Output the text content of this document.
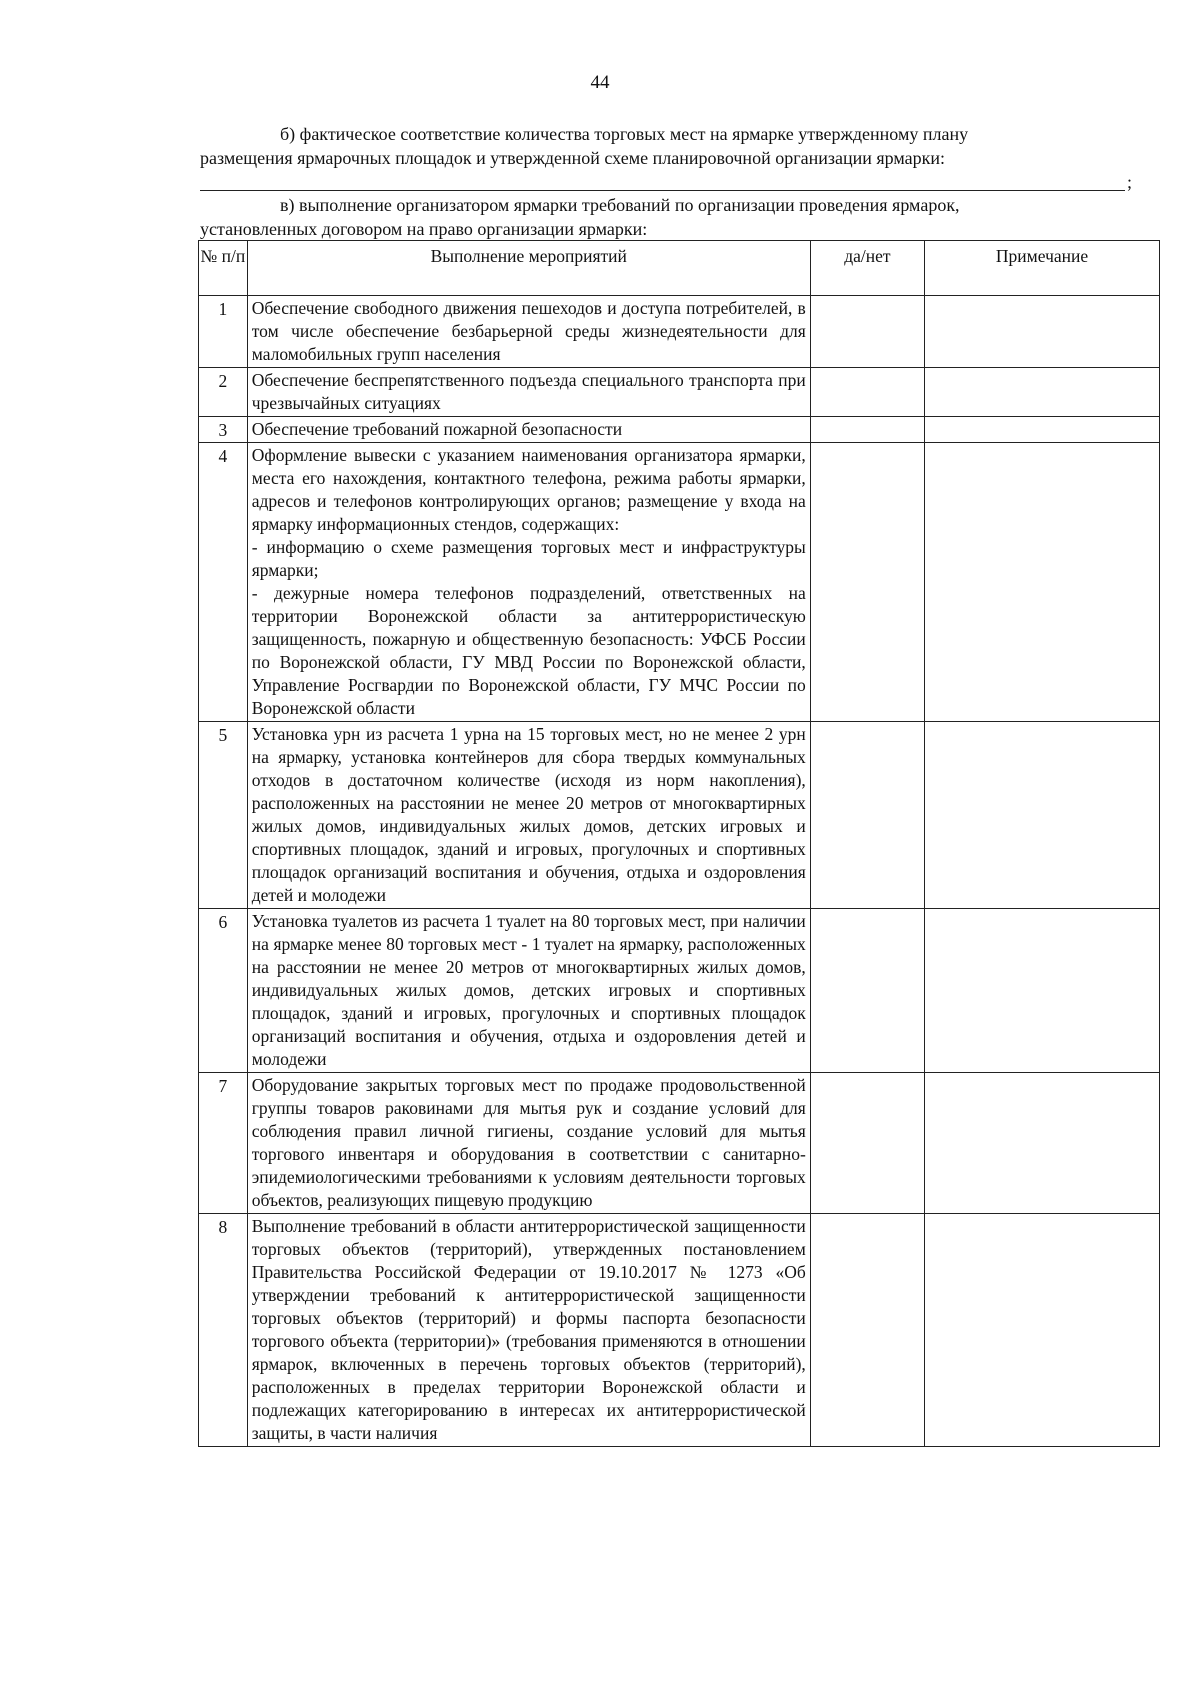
44
б) фактическое соответствие количества торговых мест на ярмарке утвержденному плану
размещения ярмарочных площадок и утвержденной схеме планировочной организации ярмарки:
;
в) выполнение организатором ярмарки требований по организации проведения ярмарок,
установленных договором на право организации ярмарки:
№ п/п	Выполнение мероприятий	да/нет	Примечание

1	Обеспечение свободного движения пешеходов и доступа потребителей, в том числе обеспечение безбарьерной среды жизнедеятельности для маломобильных групп населения		

2	Обеспечение беспрепятственного подъезда специального транспорта при чрезвычайных ситуациях		

3	Обеспечение требований пожарной безопасности		

4	Оформление вывески с указанием наименования организатора ярмарки, места его нахождения, контактного телефона, режима работы ярмарки, адресов и телефонов контролирующих органов; размещение у входа на ярмарку информационных стендов, содержащих:
- информацию о схеме размещения торговых мест и инфраструктуры ярмарки;
- дежурные номера телефонов подразделений, ответственных на территории Воронежской области за антитеррористическую защищенность, пожарную и общественную безопасность: УФСБ России по Воронежской области, ГУ МВД России по Воронежской области, Управление Росгвардии по Воронежской области, ГУ МЧС России по Воронежской области		

5	Установка урн из расчета 1 урна на 15 торговых мест, но не менее 2 урн на ярмарку, установка контейнеров для сбора твердых коммунальных отходов в достаточном количестве (исходя из норм накопления), расположенных на расстоянии не менее 20 метров от многоквартирных жилых домов, индивидуальных жилых домов, детских игровых и спортивных площадок, зданий и игровых, прогулочных и спортивных площадок организаций воспитания и обучения, отдыха и оздоровления детей и молодежи		

6	Установка туалетов из расчета 1 туалет на 80 торговых мест, при наличии на ярмарке менее 80 торговых мест - 1 туалет на ярмарку, расположенных на расстоянии не менее 20 метров от многоквартирных жилых домов, индивидуальных жилых домов, детских игровых и спортивных площадок, зданий и игровых, прогулочных и спортивных площадок организаций воспитания и обучения, отдыха и оздоровления детей и молодежи		

7	Оборудование закрытых торговых мест по продаже продовольственной группы товаров раковинами для мытья рук и создание условий для соблюдения правил личной гигиены, создание условий для мытья торгового инвентаря и оборудования в соответствии с санитарно-эпидемиологическими требованиями к условиям деятельности торговых объектов, реализующих пищевую продукцию		

8	Выполнение требований в области антитеррористической защищенности торговых объектов (территорий), утвержденных постановлением Правительства Российской Федерации от 19.10.2017 № 1273 «Об утверждении требований к антитеррористической защищенности торговых объектов (территорий) и формы паспорта безопасности торгового объекта (территории)» (требования применяются в отношении ярмарок, включенных в перечень торговых объектов (территорий), расположенных в пределах территории Воронежской области и подлежащих категорированию в интересах их антитеррористической защиты, в части наличия		
